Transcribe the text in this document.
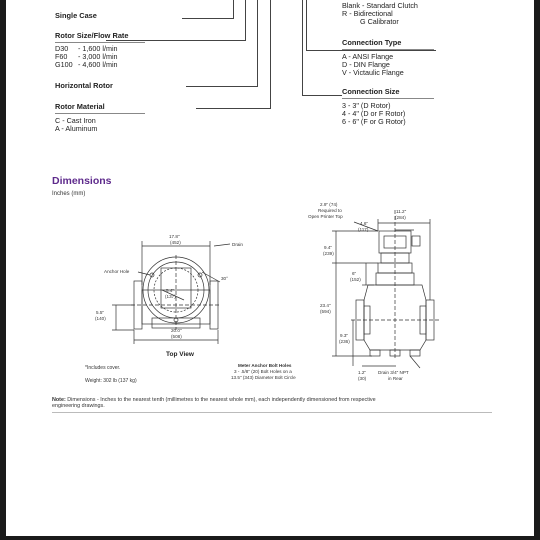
Single Case
Rotor Size/Flow Rate
D30 - 1,600 l/min
F60 - 3,000 l/min
G100 - 4,600 l/min
Horizontal Rotor
Rotor Material
C - Cast Iron
A - Aluminum
Blank - Standard Clutch
R - Bidirectional
G Calibrator
Connection Type
A - ANSI Flange
D - DIN Flange
V - Victaulic Flange
Connection Size
3 - 3" (D Rotor)
4 - 4" (D or F Rotor)
6 - 6" (F or G Rotor)
Dimensions
Inches (mm)
17.8"
(452)	Drain
Anchor Hole
30°
5.4"
(137)
5.5"
(140)
20.0"
(508)
Top View
*Includes cover.
Weight: 302 lb (137 kg)
Meter Anchor Bolt Holes
3 - .5/8" (20) Bolt Holes on a
13.5" (343) Diameter Bolt Circle
2.9" (74)
Required to
Open Printer Top
11.2"
(284)
4.6"
(117)
9.4"
(239)
6"
(152)
23.4"
(594)
9.3"
(236)
1.2"
(30)
Drain 3/4" NPT
in Rear
Note: Dimensions - Inches to the nearest tenth (millimetres to the nearest whole mm), each independently dimensioned from respective
engineering drawings.
